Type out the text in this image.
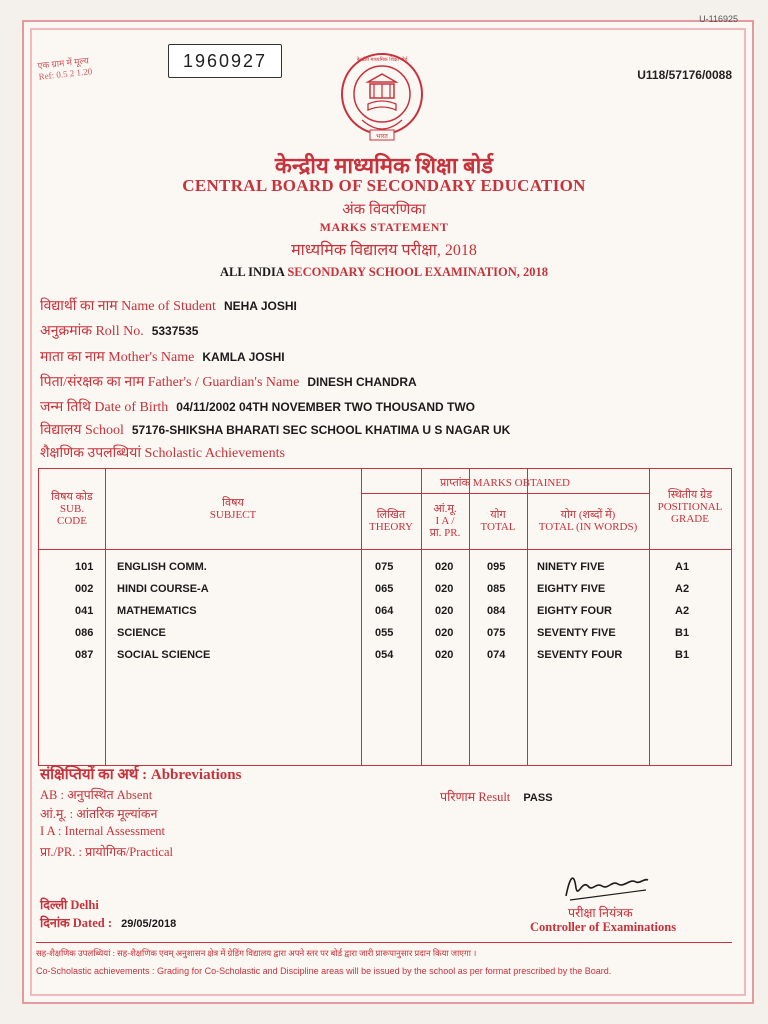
U-116925
एक ग्राम में मूल्य
Ref: 0.5 2 1.20
1960927
U118/57176/0088
भारत
केन्द्रीय माध्यमिक शिक्षा बोर्ड
केन्द्रीय माध्यमिक शिक्षा बोर्ड
CENTRAL BOARD OF SECONDARY EDUCATION
अंक विवरणिका
MARKS STATEMENT
माध्यमिक विद्यालय परीक्षा, 2018
ALL INDIA SECONDARY SCHOOL EXAMINATION, 2018
विद्यार्थी का नाम Name of Student NEHA JOSHI
अनुक्रमांक Roll No. 5337535
माता का नाम Mother's Name KAMLA JOSHI
पिता/संरक्षक का नाम Father's / Guardian's Name DINESH CHANDRA
जन्म तिथि Date of Birth 04/11/2002 04TH NOVEMBER TWO THOUSAND TWO
विद्यालय School 57176-SHIKSHA BHARATI SEC SCHOOL KHATIMA U S NAGAR UK
शैक्षणिक उपलब्धियां Scholastic Achievements
विषय कोड
SUB.
CODE
विषय
SUBJECT
प्राप्तांक MARKS OBTAINED
लिखित
THEORY
आं.मू.
I A /
प्रा. PR.
योग
TOTAL
योग (शब्दों में)
TOTAL (IN WORDS)
स्थितीय ग्रेड
POSITIONAL
GRADE
101 ENGLISH COMM.	075	020	095	NINETY FIVE	A1
002 HINDI COURSE-A	065	020	085	EIGHTY FIVE	A2
041 MATHEMATICS	064	020	084	EIGHTY FOUR	A2
086 SCIENCE	055	020	075	SEVENTY FIVE	B1
087 SOCIAL SCIENCE	054	020	074	SEVENTY FOUR	B1
संक्षिप्तियों का अर्थ : Abbreviations
AB : अनुपस्थित Absent
आं.मू. : आंतरिक मूल्यांकन
I A : Internal Assessment
प्रा./PR. : प्रायोगिक/Practical
परिणाम Result PASS
दिल्ली Delhi
दिनांक Dated : 29/05/2018
परीक्षा नियंत्रक
Controller of Examinations
सह-शैक्षणिक उपलब्धियां : सह-शैक्षणिक एवम् अनुशासन क्षेत्र में ग्रेडिंग विद्यालय द्वारा अपने स्तर पर बोर्ड द्वारा जारी प्रारूपानुसार प्रदान किया जाएगा ।
Co-Scholastic achievements : Grading for Co-Scholastic and Discipline areas will be issued by the school as per format prescribed by the Board.
